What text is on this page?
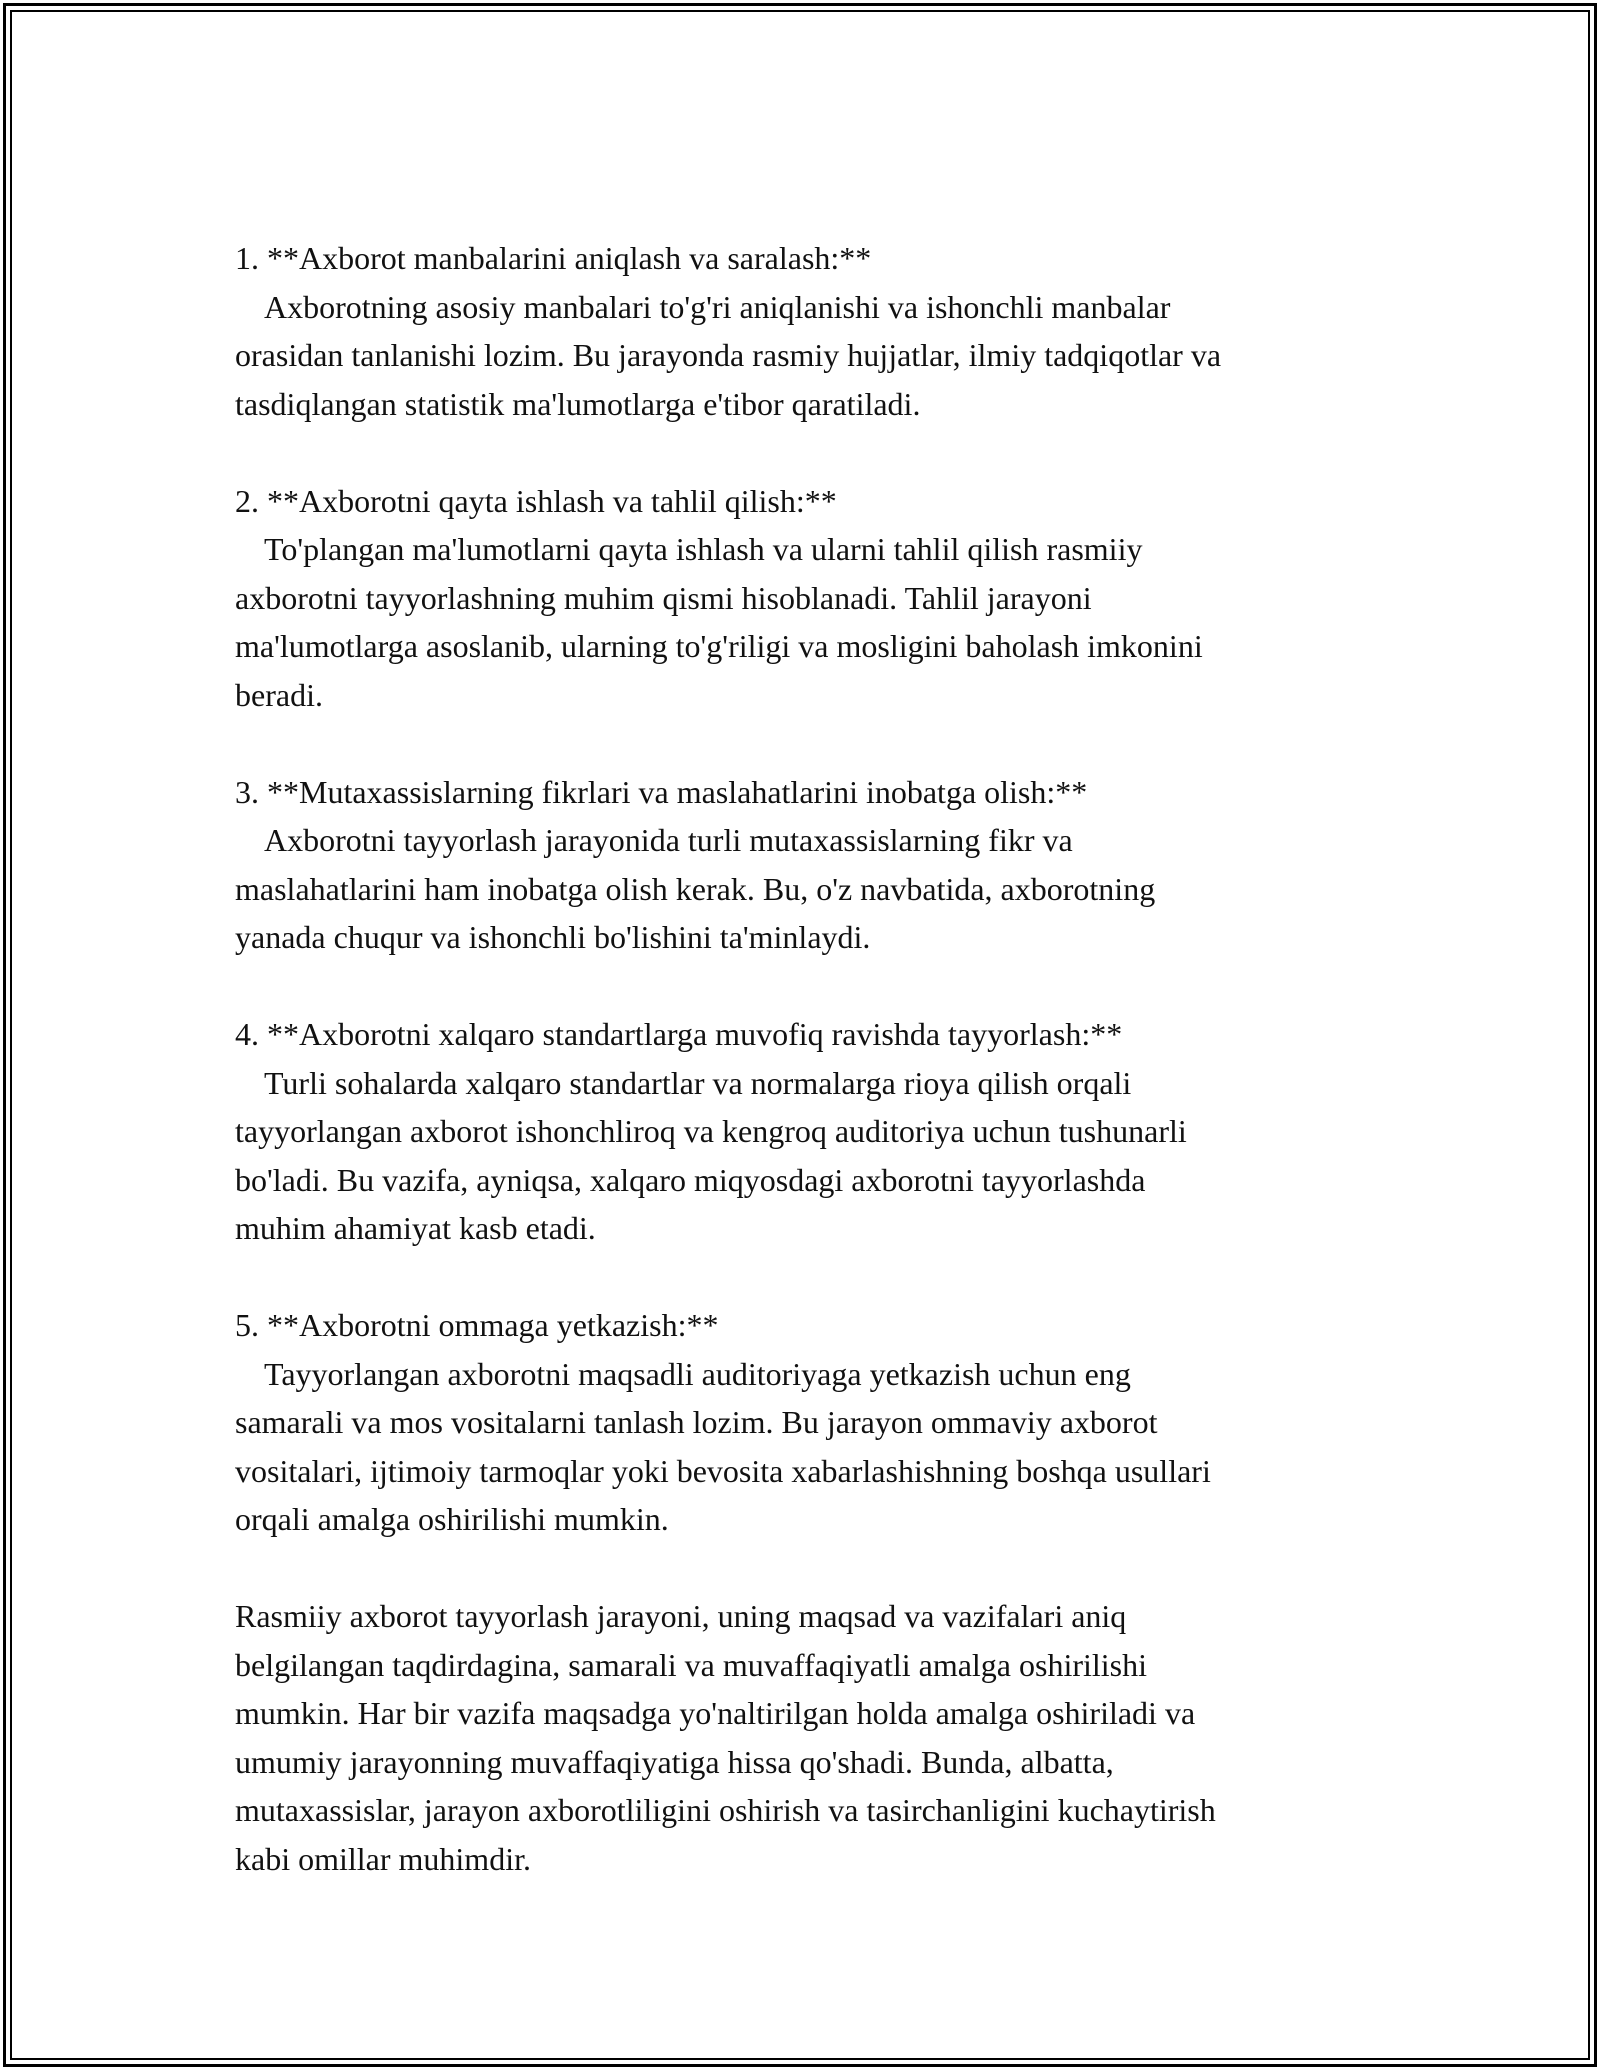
1. **Axborot manbalarini aniqlash va saralash:**
Axborotning asosiy manbalari to'g'ri aniqlanishi va ishonchli manbalar
orasidan tanlanishi lozim. Bu jarayonda rasmiy hujjatlar, ilmiy tadqiqotlar va
tasdiqlangan statistik ma'lumotlarga e'tibor qaratiladi.
2. **Axborotni qayta ishlash va tahlil qilish:**
To'plangan ma'lumotlarni qayta ishlash va ularni tahlil qilish rasmiiy
axborotni tayyorlashning muhim qismi hisoblanadi. Tahlil jarayoni
ma'lumotlarga asoslanib, ularning to'g'riligi va mosligini baholash imkonini
beradi.
3. **Mutaxassislarning fikrlari va maslahatlarini inobatga olish:**
Axborotni tayyorlash jarayonida turli mutaxassislarning fikr va
maslahatlarini ham inobatga olish kerak. Bu, o'z navbatida, axborotning
yanada chuqur va ishonchli bo'lishini ta'minlaydi.
4. **Axborotni xalqaro standartlarga muvofiq ravishda tayyorlash:**
Turli sohalarda xalqaro standartlar va normalarga rioya qilish orqali
tayyorlangan axborot ishonchliroq va kengroq auditoriya uchun tushunarli
bo'ladi. Bu vazifa, ayniqsa, xalqaro miqyosdagi axborotni tayyorlashda
muhim ahamiyat kasb etadi.
5. **Axborotni ommaga yetkazish:**
Tayyorlangan axborotni maqsadli auditoriyaga yetkazish uchun eng
samarali va mos vositalarni tanlash lozim. Bu jarayon ommaviy axborot
vositalari, ijtimoiy tarmoqlar yoki bevosita xabarlashishning boshqa usullari
orqali amalga oshirilishi mumkin.
Rasmiiy axborot tayyorlash jarayoni, uning maqsad va vazifalari aniq
belgilangan taqdirdagina, samarali va muvaffaqiyatli amalga oshirilishi
mumkin. Har bir vazifa maqsadga yo'naltirilgan holda amalga oshiriladi va
umumiy jarayonning muvaffaqiyatiga hissa qo'shadi. Bunda, albatta,
mutaxassislar, jarayon axborotliligini oshirish va tasirchanligini kuchaytirish
kabi omillar muhimdir.
